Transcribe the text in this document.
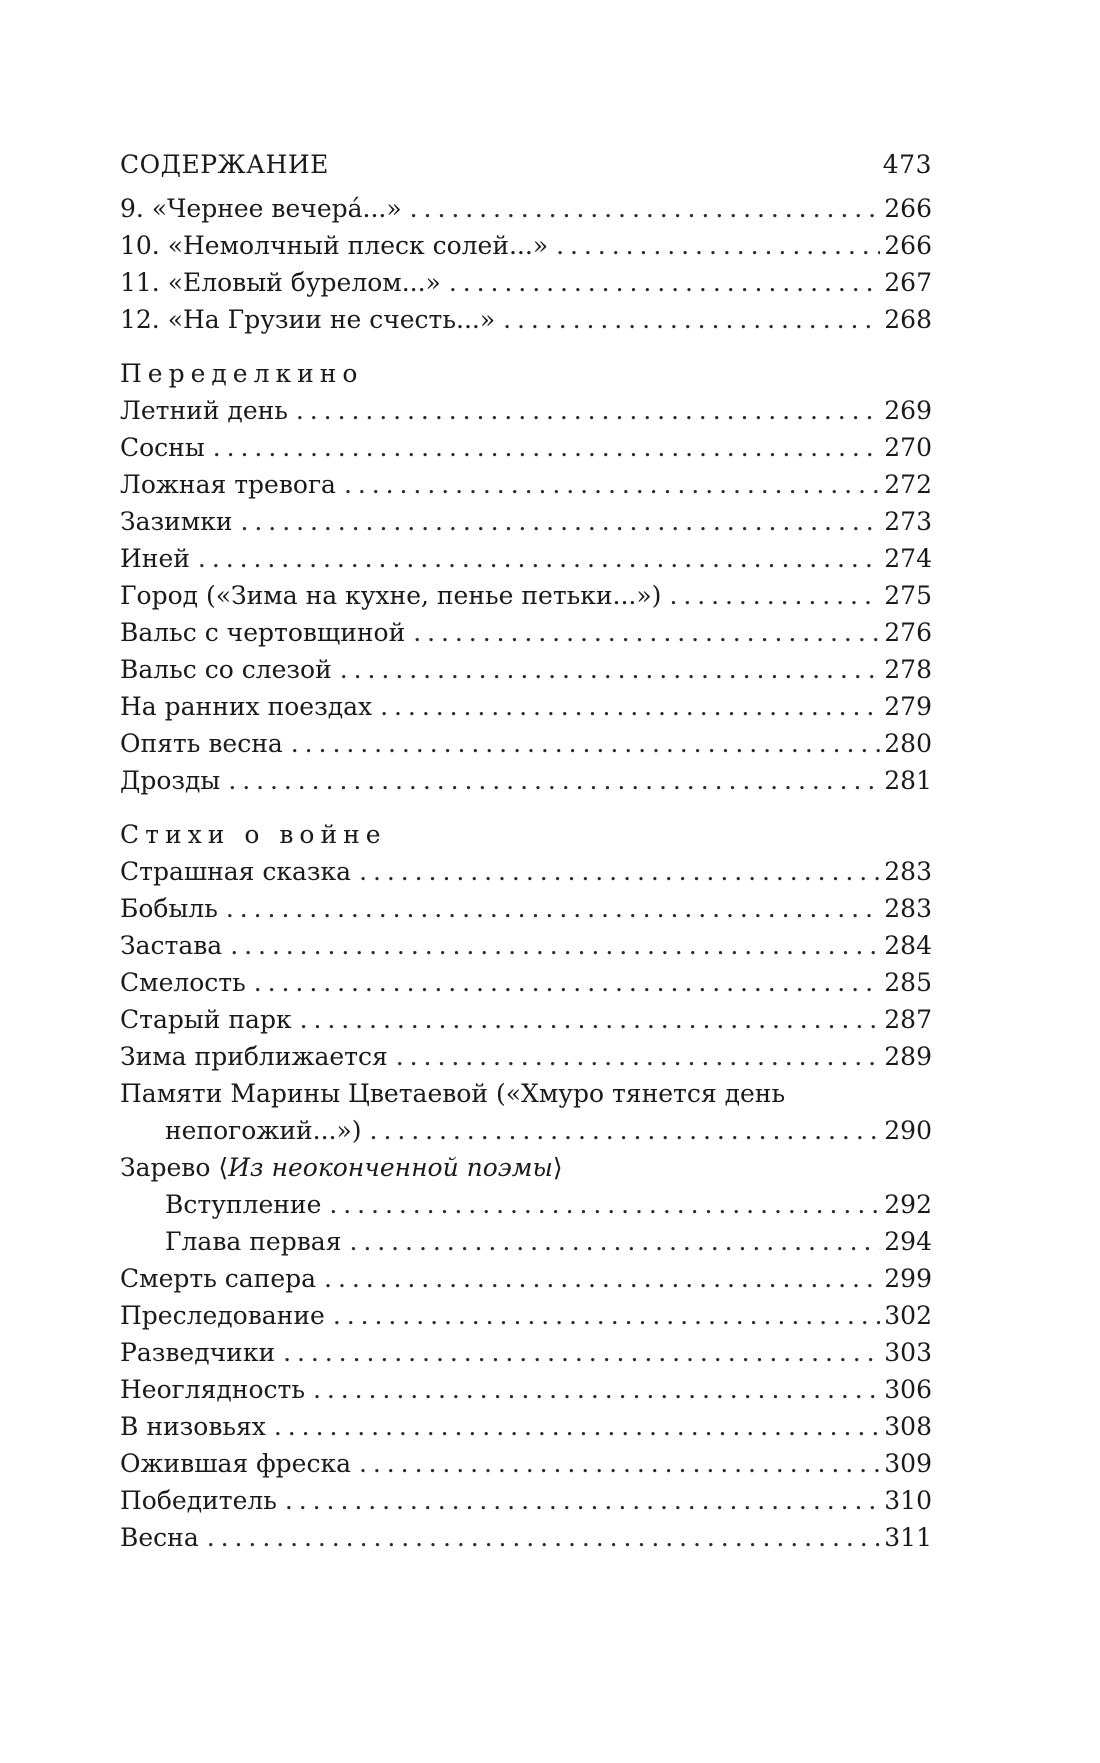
СОДЕРЖАНИЕ	473
9. «Чернее вечера́...» . . .	266
10. «Немолчный плеск солей...» . . .	266
11. «Еловый бурелом...» . . .	267
12. «На Грузии не счесть...» . . .	268
Переделкино
Летний день . . .	269
Сосны . . .	270
Ложная тревога . . .	272
Зазимки . . .	273
Иней . . .	274
Город («Зима на кухне, пенье петьки...») . . .	275
Вальс с чертовщиной . . .	276
Вальс со слезой . . .	278
На ранних поездах . . .	279
Опять весна . . .	280
Дрозды . . .	281
Стихи о войне
Страшная сказка . . .	283
Бобыль . . .	283
Застава . . .	284
Смелость . . .	285
Старый парк . . .	287
Зима приближается . . .	289
Памяти Марины Цветаевой («Хмуро тянется день
непогожий...») . . .	290
Зарево ⟨Из неоконченной поэмы⟩
Вступление . . .	292
Глава первая . . .	294
Смерть сапера . . .	299
Преследование . . .	302
Разведчики . . .	303
Неоглядность . . .	306
В низовьях . . .	308
Ожившая фреска . . .	309
Победитель . . .	310
Весна . . .	311
